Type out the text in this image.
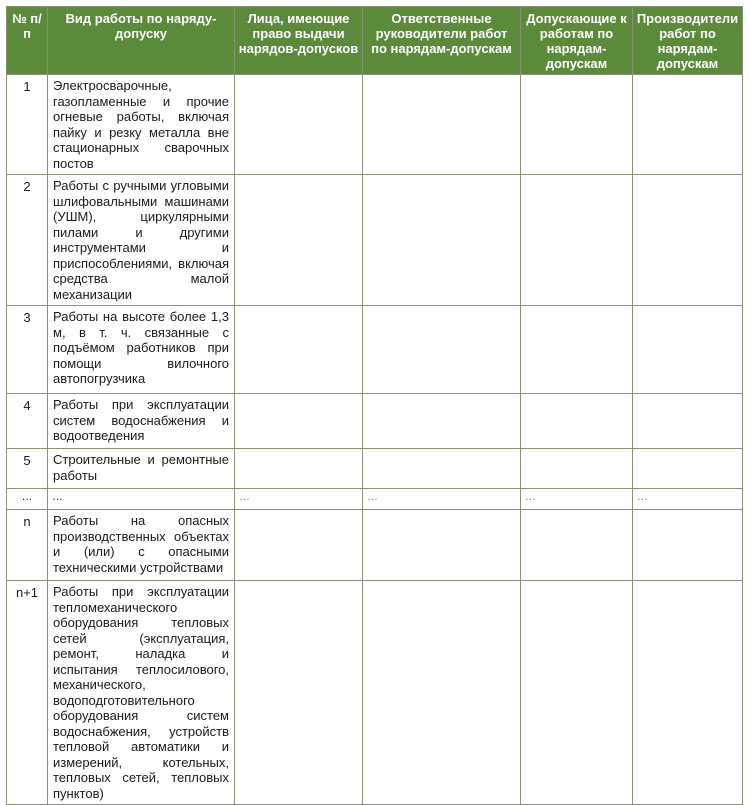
№ п/п	Вид работы по наряду-допуску	Лица, имеющие право выдачи нарядов-допусков	Ответственные руководители работ по нарядам-допускам	Допускающие к работам по нарядам-допускам	Производители работ по нарядам-допускам
1	Электросварочные, газопламенные и прочие огневые работы, включая пайку и резку металла вне стационарных сварочных постов				
2	Работы с ручными угловыми шлифовальными машинами (УШМ), циркулярными пилами и другими инструментами и приспособлениями, включая средства малой механизации				
3	Работы на высоте более 1,3 м, в т. ч. связанные с подъёмом работников при помощи вилочного автопогрузчика				
4	Работы при эксплуатации систем водоснабжения и водоотведения				
5	Строительные и ремонтные работы				
…	…	…	…	…	…
n	Работы на опасных производственных объектах и (или) с опасными техническими устройствами				
n+1	Работы при эксплуатации тепломеханического оборудования тепловых сетей (эксплуатация, ремонт, наладка и испытания теплосилового, механического, водоподготовительного оборудования систем водоснабжения, устройств тепловой автоматики и измерений, котельных, тепловых сетей, тепловых пунктов)				
